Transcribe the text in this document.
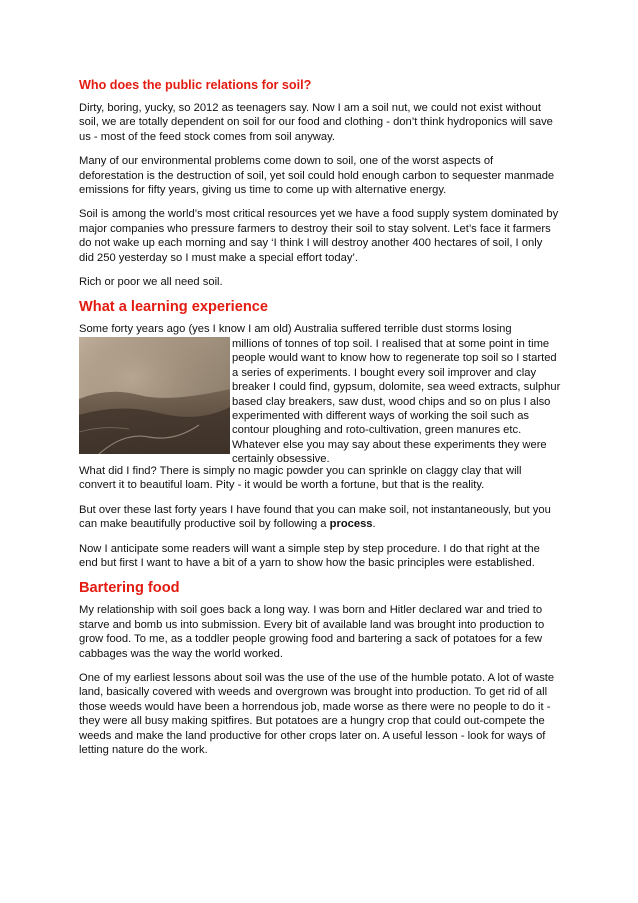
Who does the public relations for soil?

Dirty, boring, yucky, so 2012 as teenagers say. Now I am a soil nut, we could not exist without soil, we are totally dependent on soil for our food and clothing - don’t think hydroponics will save us - most of the feed stock comes from soil anyway.

Many of our environmental problems come down to soil, one of the worst aspects of deforestation is the destruction of soil, yet soil could hold enough carbon to sequester manmade emissions for fifty years, giving us time to come up with alternative energy.

Soil is among the world’s most critical resources yet we have a food supply system dominated by major companies who pressure farmers to destroy their soil to stay solvent. Let’s face it farmers do not wake up each morning and say ‘I think I will destroy another 400 hectares of soil, I only did 250 yesterday so I must make a special effort today’.

Rich or poor we all need soil.

What a learning experience
Some forty years ago (yes I know I am old) Australia suffered terrible dust storms losing
millions of tonnes of top soil. I realised that at some point in time people would want to know how to regenerate top soil so I started a series of experiments. I bought every soil improver and clay breaker I could find, gypsum, dolomite, sea weed extracts, sulphur based clay breakers, saw dust, wood chips and so on plus I also experimented with different ways of working the soil such as contour ploughing and roto-cultivation, green manures etc. Whatever else you may say about these experiments they were certainly obsessive.

What did I find? There is simply no magic powder you can sprinkle on claggy clay that will convert it to beautiful loam. Pity - it would be worth a fortune, but that is the reality.

But over these last forty years I have found that you can make soil, not instantaneously, but you can make beautifully productive soil by following a process.

Now I anticipate some readers will want a simple step by step procedure. I do that right at the end but first I want to have a bit of a yarn to show how the basic principles were established.

Bartering food

My relationship with soil goes back a long way. I was born and Hitler declared war and tried to starve and bomb us into submission. Every bit of available land was brought into production to grow food. To me, as a toddler people growing food and bartering a sack of potatoes for a few cabbages was the way the world worked.

One of my earliest lessons about soil was the use of the use of the humble potato. A lot of waste land, basically covered with weeds and overgrown was brought into production. To get rid of all those weeds would have been a horrendous job, made worse as there were no people to do it - they were all busy making spitfires. But potatoes are a hungry crop that could out-compete the weeds and make the land productive for other crops later on. A useful lesson - look for ways of letting nature do the work.
